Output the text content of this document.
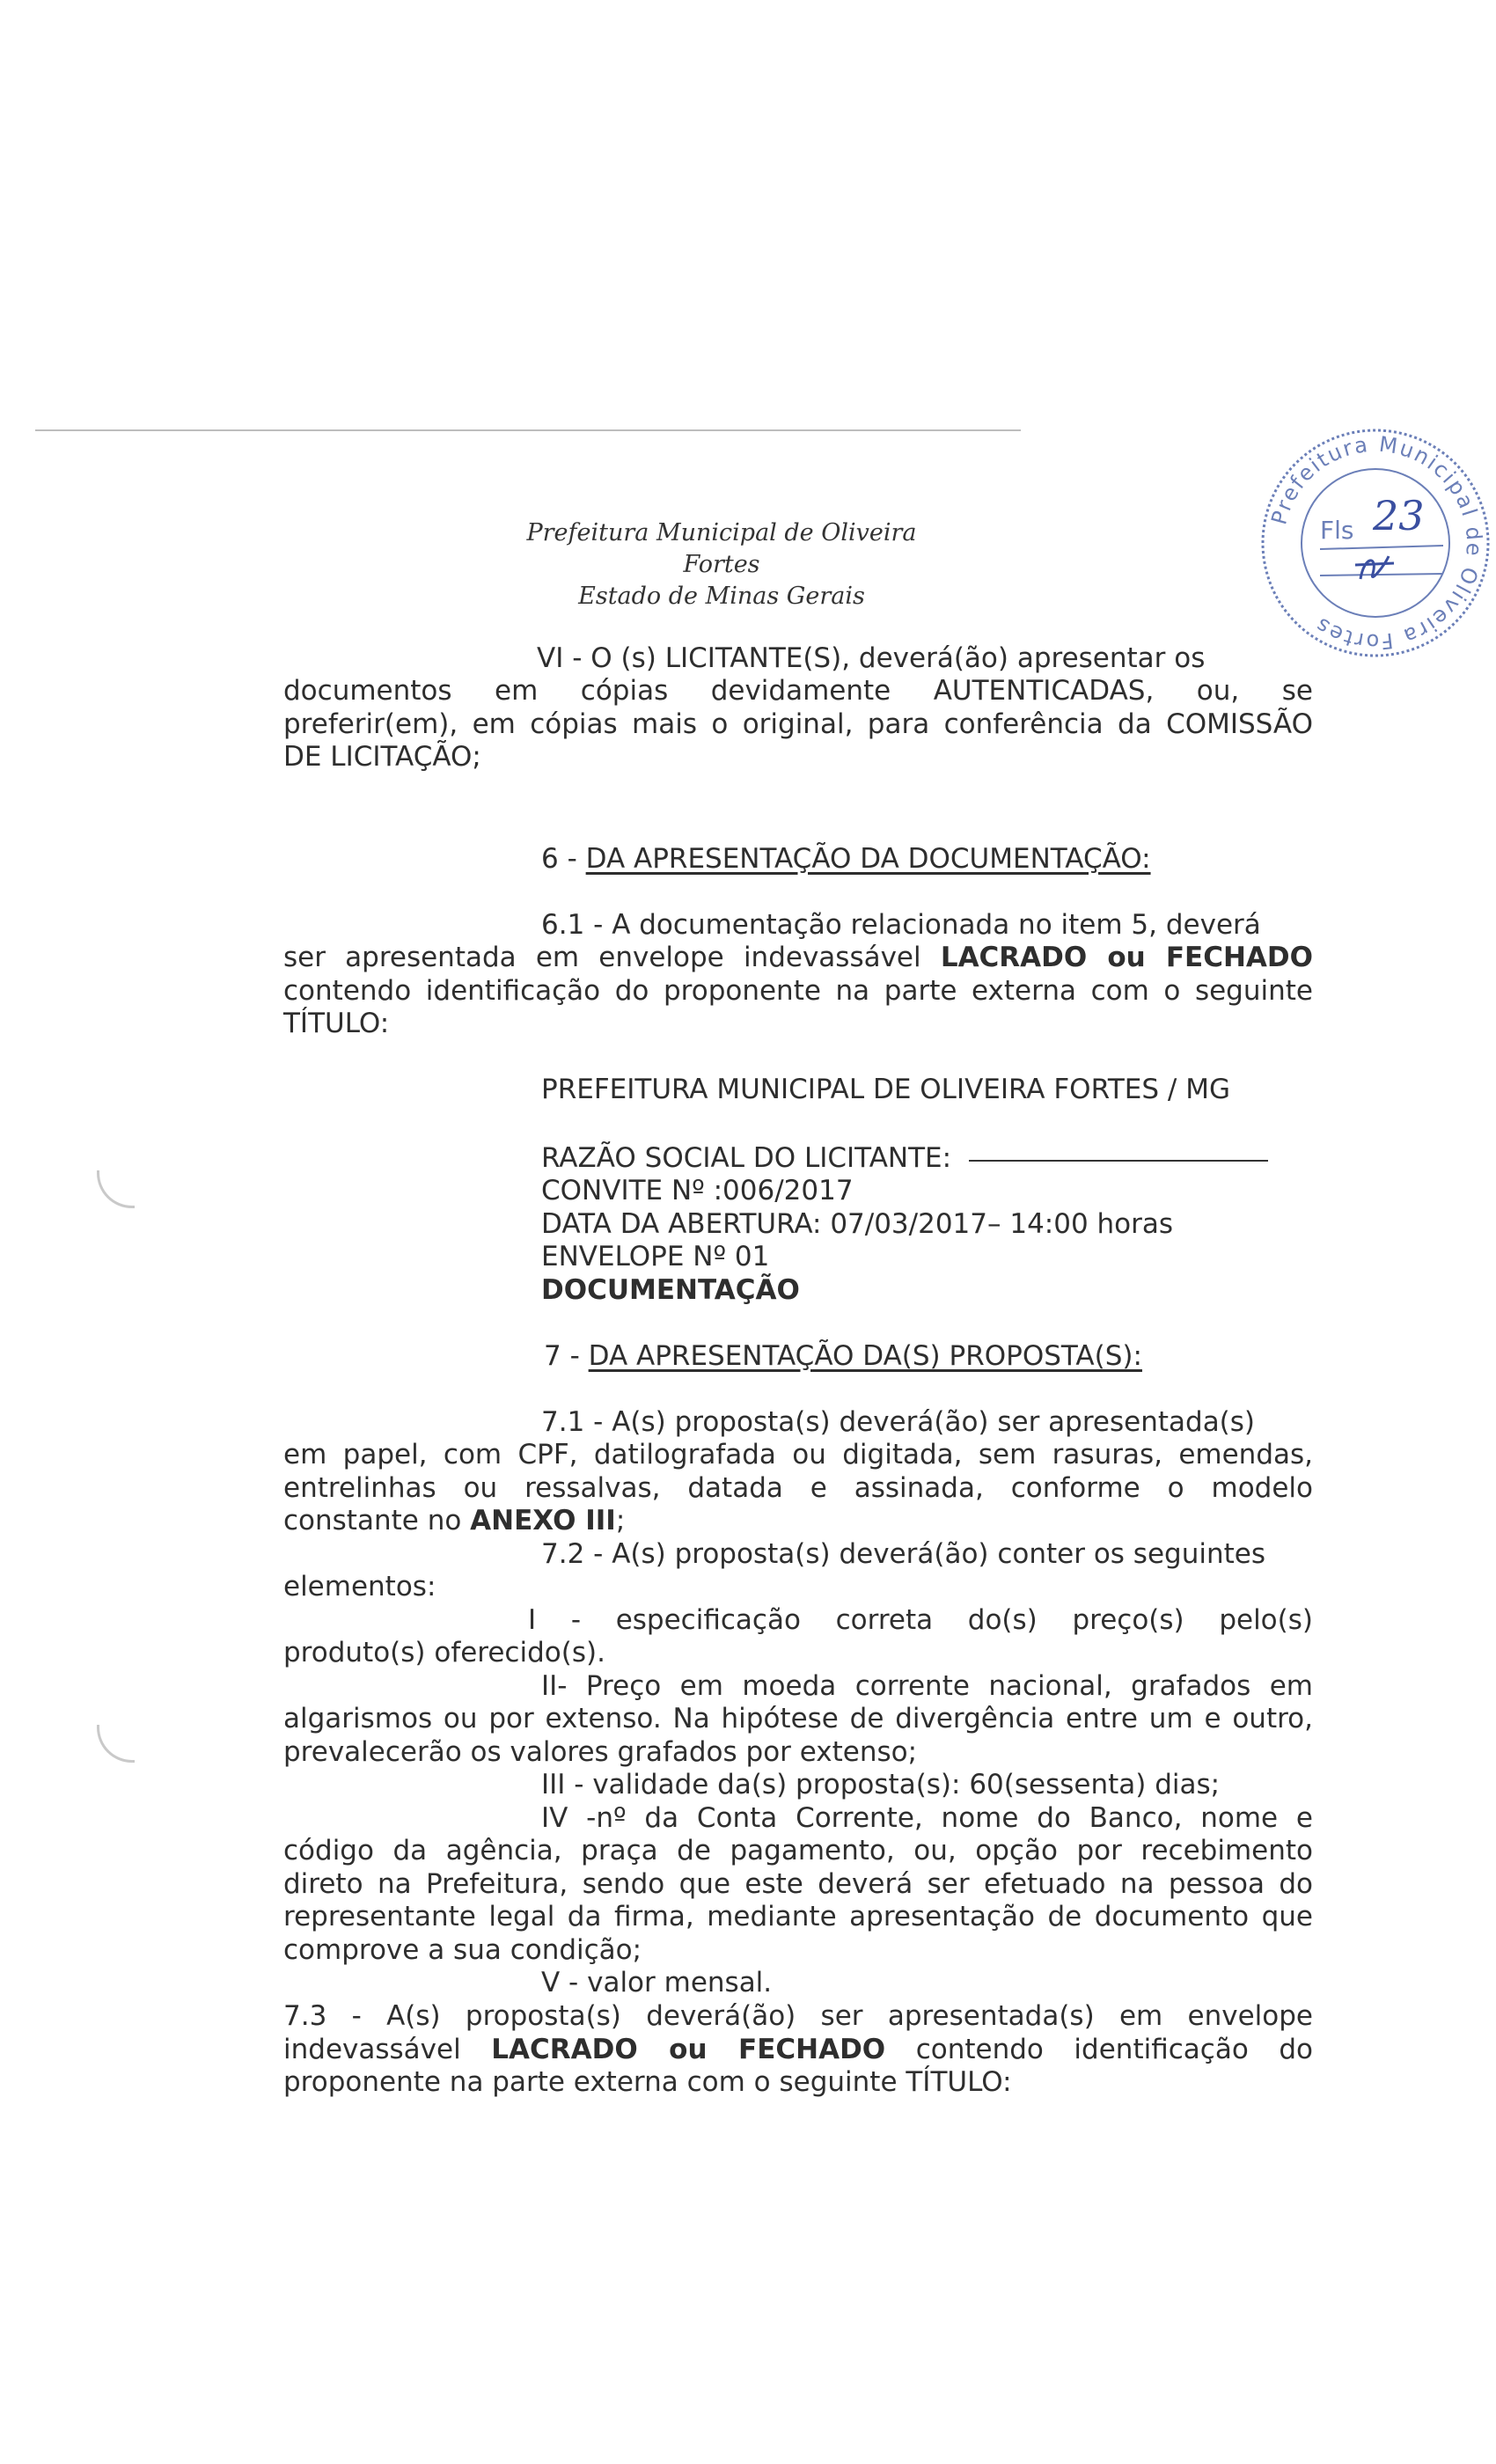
Prefeitura Municipal de Oliveira Fortes
Estado de Minas Gerais
Prefeitura Municipal de Oliveira Fortes
Fls 23
VI - O (s) LICITANTE(S), deverá(ão) apresentar os
documentos em cópias devidamente AUTENTICADAS, ou, se
preferir(em), em cópias mais o original, para conferência da COMISSÃO
DE LICITAÇÃO;
6 - DA APRESENTAÇÃO DA DOCUMENTAÇÃO:
6.1 - A documentação relacionada no item 5, deverá
ser apresentada em envelope indevassável LACRADO ou FECHADO
contendo identificação do proponente na parte externa com o seguinte
TÍTULO:
PREFEITURA MUNICIPAL DE OLIVEIRA FORTES / MG
RAZÃO SOCIAL DO LICITANTE:
CONVITE Nº :006/2017
DATA DA ABERTURA: 07/03/2017– 14:00 horas
ENVELOPE Nº 01
DOCUMENTAÇÃO
7 - DA APRESENTAÇÃO DA(S) PROPOSTA(S):
7.1 - A(s) proposta(s) deverá(ão) ser apresentada(s)
em papel, com CPF, datilografada ou digitada, sem rasuras, emendas,
entrelinhas ou ressalvas, datada e assinada, conforme o modelo
constante no ANEXO III;
7.2 - A(s) proposta(s) deverá(ão) conter os seguintes
elementos:
I - especificação correta do(s) preço(s) pelo(s)
produto(s) oferecido(s).
II- Preço em moeda corrente nacional, grafados em
algarismos ou por extenso. Na hipótese de divergência entre um e outro,
prevalecerão os valores grafados por extenso;
III - validade da(s) proposta(s): 60(sessenta) dias;
IV -nº da Conta Corrente, nome do Banco, nome e
código da agência, praça de pagamento, ou, opção por recebimento
direto na Prefeitura, sendo que este deverá ser efetuado na pessoa do
representante legal da firma, mediante apresentação de documento que
comprove a sua condição;
V - valor mensal.
7.3 - A(s) proposta(s) deverá(ão) ser apresentada(s) em envelope
indevassável LACRADO ou FECHADO contendo identificação do
proponente na parte externa com o seguinte TÍTULO:
